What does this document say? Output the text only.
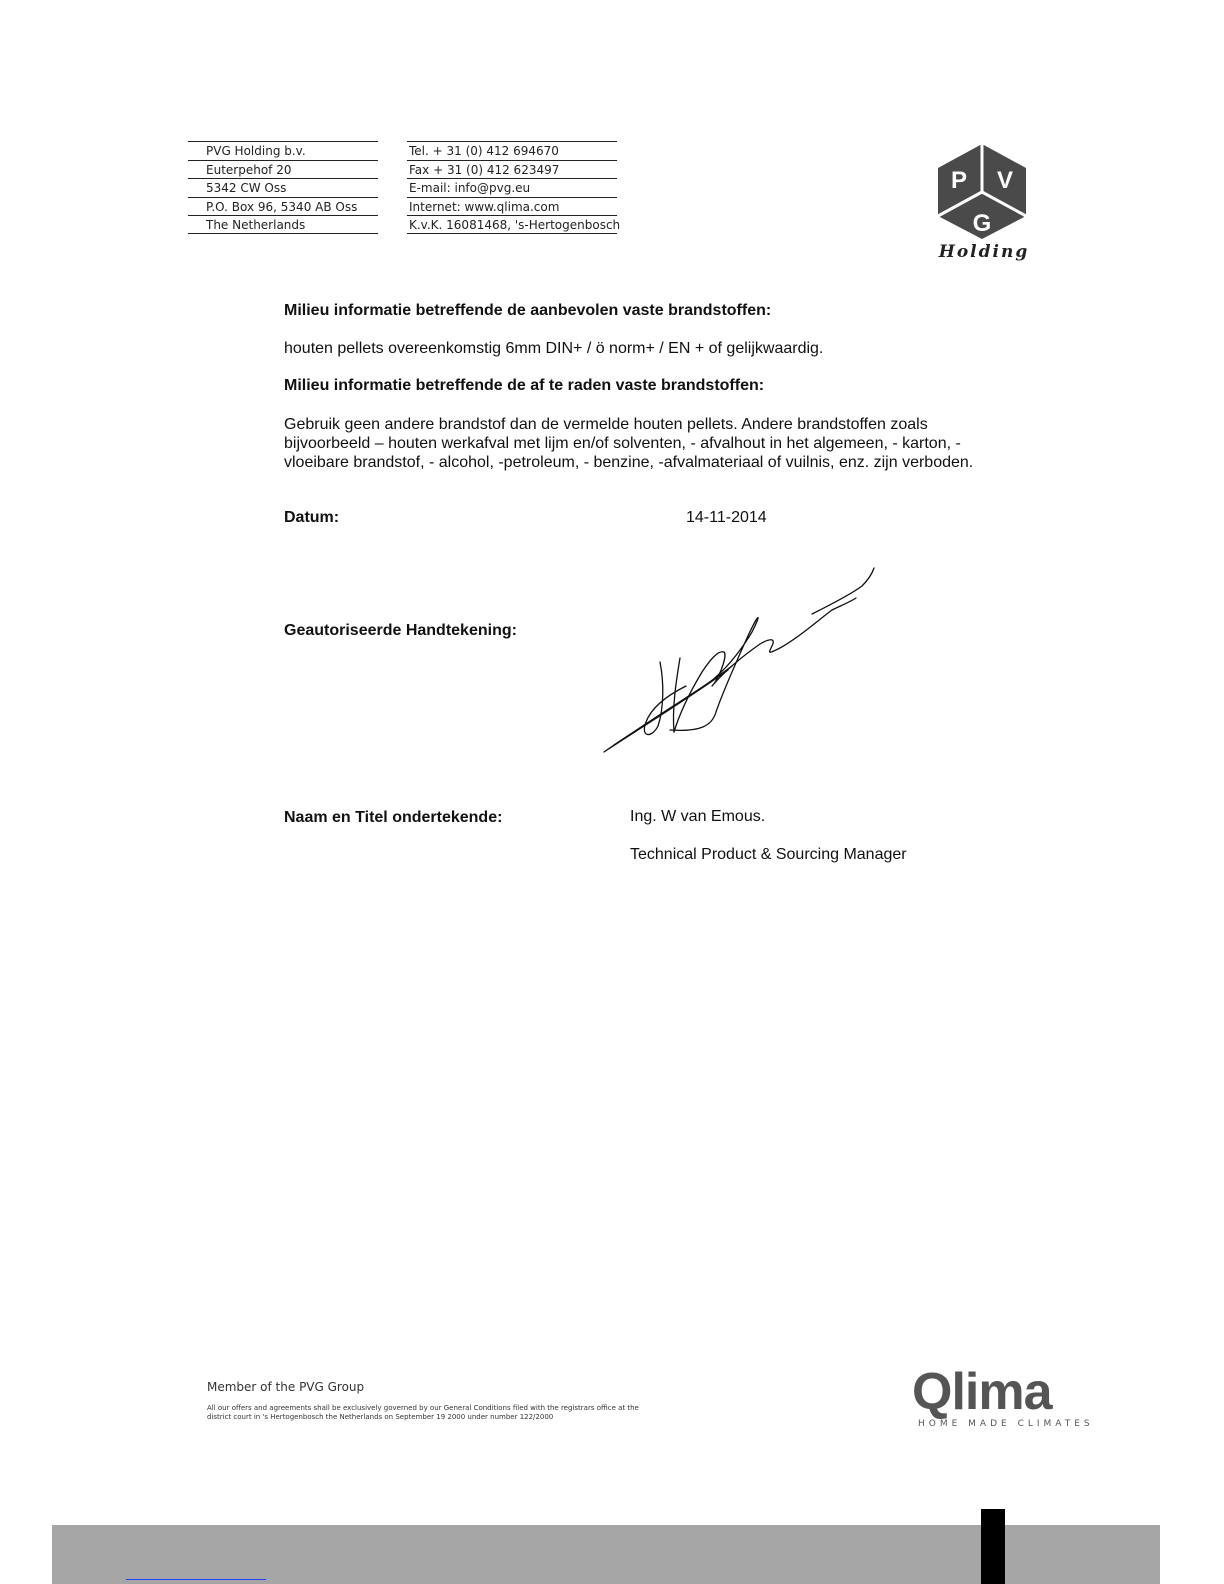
PVG Holding b.v.
Euterpehof 20
5342 CW Oss
P.O. Box 96, 5340 AB Oss
The Netherlands
Tel. + 31 (0) 412 694670
Fax + 31 (0) 412 623497
E-mail: info@pvg.eu
Internet: www.qlima.com
K.v.K. 16081468, 's-Hertogenbosch
P V
G
Holding
Milieu informatie betreffende de aanbevolen vaste brandstoffen:
houten pellets overeenkomstig 6mm DIN+ / ö norm+ / EN + of gelijkwaardig.
Milieu informatie betreffende de af te raden vaste brandstoffen:
Gebruik geen andere brandstof dan de vermelde houten pellets. Andere brandstoffen zoals bijvoorbeeld – houten werkafval met lijm en/of solventen, - afvalhout in het algemeen, - karton, - vloeibare brandstof, - alcohol, -petroleum, - benzine, -afvalmateriaal of vuilnis, enz. zijn verboden.
Datum:	14-11-2014
Geautoriseerde Handtekening:
Naam en Titel ondertekende:	Ing. W van Emous.
Technical Product & Sourcing Manager
Member of the PVG Group
All our offers and agreements shall be exclusively governed by our General Conditions filed with the registrars office at the district court in 's Hertogenbosch the Netherlands on September 19 2000 under number 122/2000	Qlima
HOME MADE CLIMATES
